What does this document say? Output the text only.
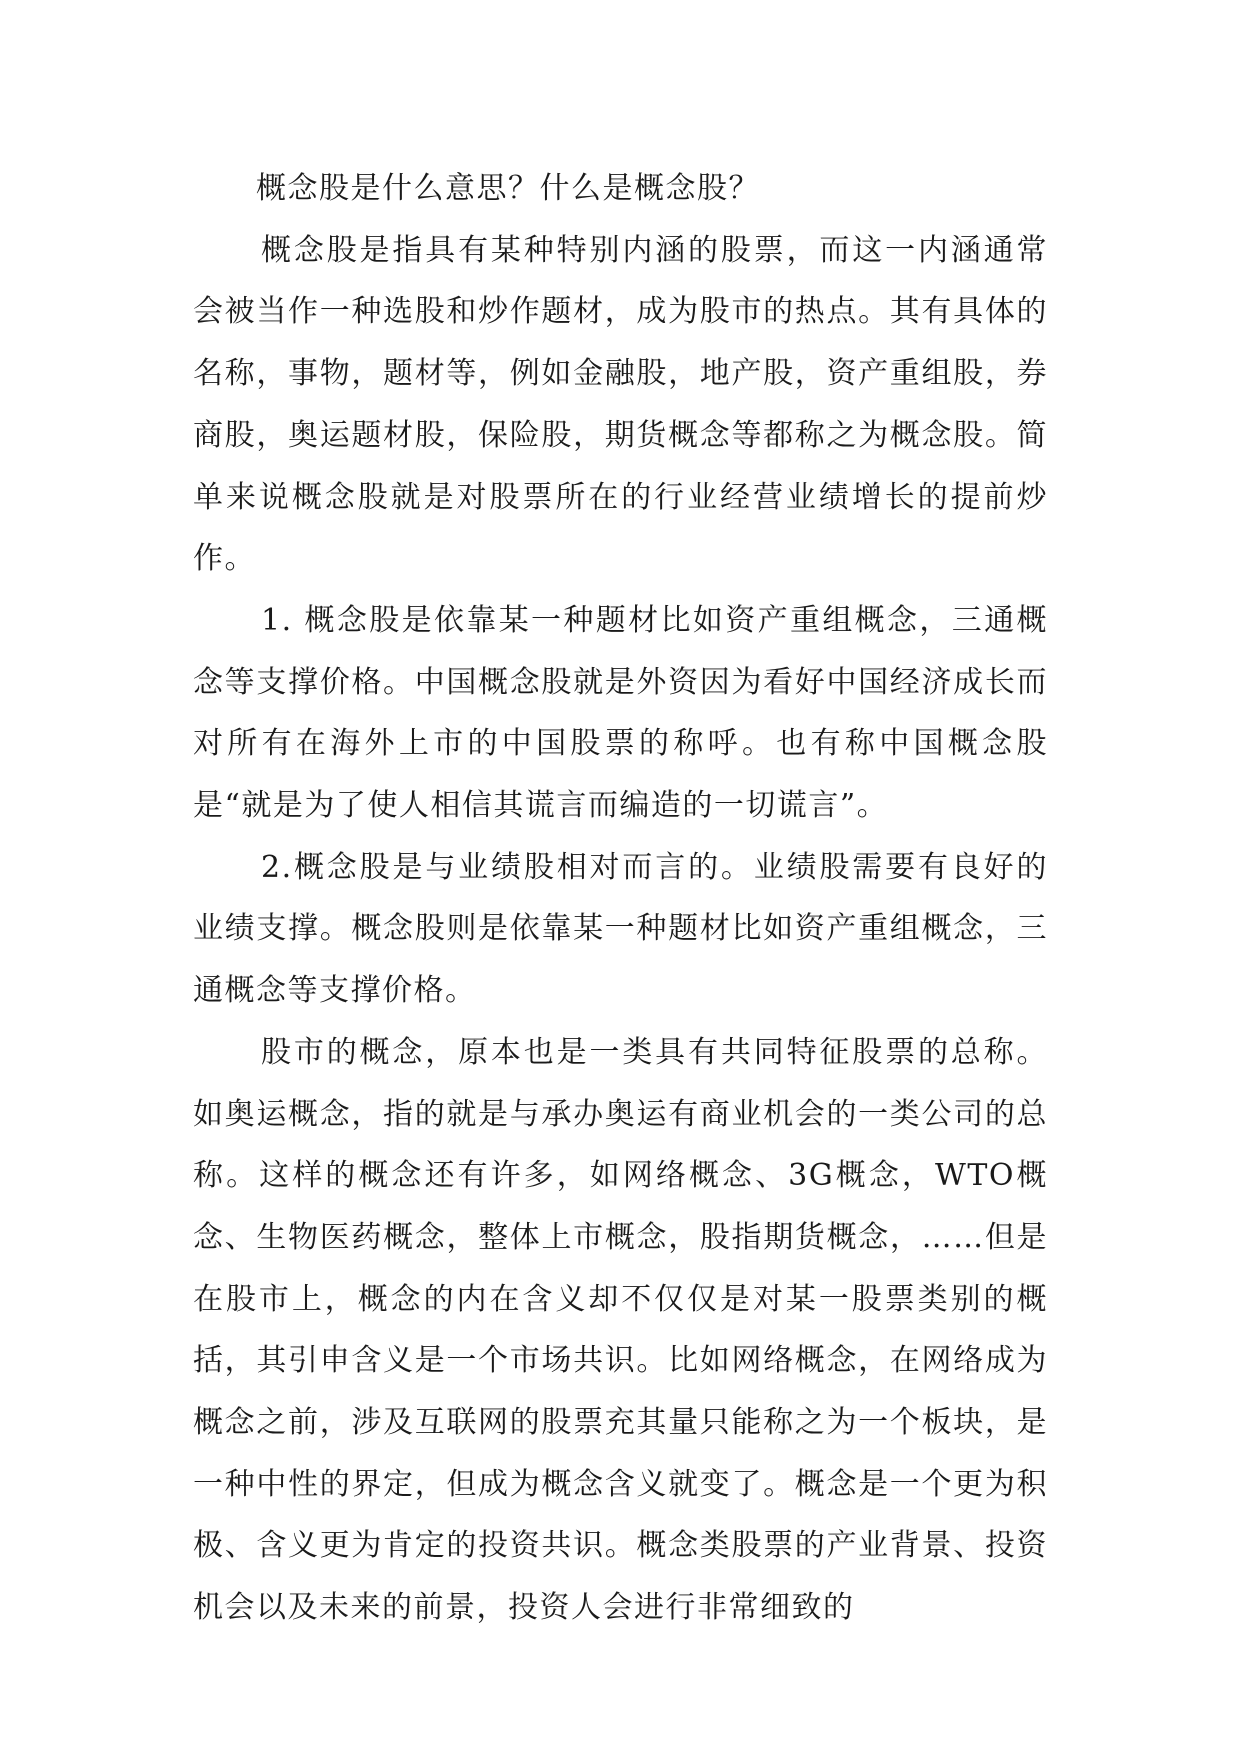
概念股是什么意思？什么是概念股？

概念股是指具有某种特别内涵的股票，而这一内涵通常会被当作一种选股和炒作题材，成为股市的热点。其有具体的名称，事物，题材等，例如金融股，地产股，资产重组股，券商股，奥运题材股，保险股，期货概念等都称之为概念股。简单来说概念股就是对股票所在的行业经营业绩增长的提前炒作。

1. 概念股是依靠某一种题材比如资产重组概念，三通概念等支撑价格。中国概念股就是外资因为看好中国经济成长而对所有在海外上市的中国股票的称呼。也有称中国概念股是“就是为了使人相信其谎言而编造的一切谎言”。

2.概念股是与业绩股相对而言的。业绩股需要有良好的业绩支撑。概念股则是依靠某一种题材比如资产重组概念，三通概念等支撑价格。

股市的概念，原本也是一类具有共同特征股票的总称。如奥运概念，指的就是与承办奥运有商业机会的一类公司的总称。这样的概念还有许多，如网络概念、3G概念，WTO概念、生物医药概念，整体上市概念，股指期货概念，……但是在股市上，概念的内在含义却不仅仅是对某一股票类别的概括，其引申含义是一个市场共识。比如网络概念，在网络成为概念之前，涉及互联网的股票充其量只能称之为一个板块，是一种中性的界定，但成为概念含义就变了。概念是一个更为积极、含义更为肯定的投资共识。概念类股票的产业背景、投资机会以及未来的前景，投资人会进行非常细致的
